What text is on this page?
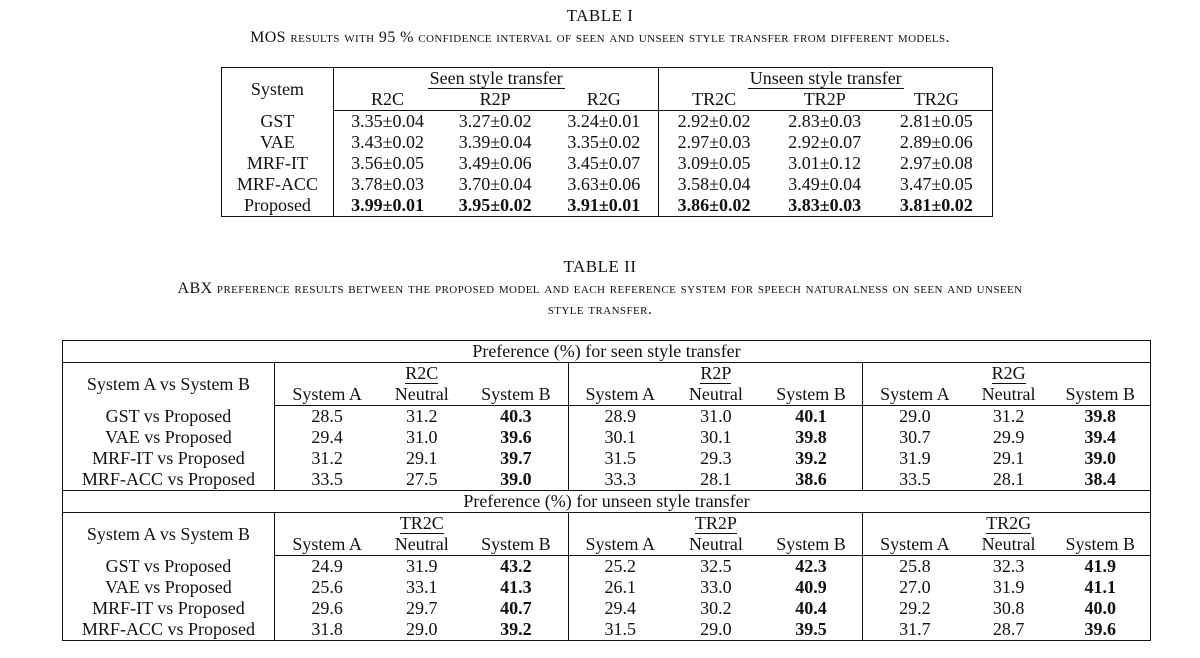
TABLE I
MOS results with 95 % confidence interval of seen and unseen style transfer from different models.
System	Seen style transfer			Unseen style transfer		
	R2C	R2P	R2G	TR2C	TR2P	TR2G
GST	3.35±0.04	3.27±0.02	3.24±0.01	2.92±0.02	2.83±0.03	2.81±0.05
VAE	3.43±0.02	3.39±0.04	3.35±0.02	2.97±0.03	2.92±0.07	2.89±0.06
MRF-IT	3.56±0.05	3.49±0.06	3.45±0.07	3.09±0.05	3.01±0.12	2.97±0.08
MRF-ACC	3.78±0.03	3.70±0.04	3.63±0.06	3.58±0.04	3.49±0.04	3.47±0.05
Proposed	3.99±0.01	3.95±0.02	3.91±0.01	3.86±0.02	3.83±0.03	3.81±0.02
TABLE II
ABX preference results between the proposed model and each reference system for speech naturalness on seen and unseen
style transfer.
Preference (%) for seen style transfer									
System A vs System B		R2C			R2P			R2G	
	System A	Neutral	System B	System A	Neutral	System B	System A	Neutral	System B
GST vs Proposed	28.5	31.2	40.3	28.9	31.0	40.1	29.0	31.2	39.8
VAE vs Proposed	29.4	31.0	39.6	30.1	30.1	39.8	30.7	29.9	39.4
MRF-IT vs Proposed	31.2	29.1	39.7	31.5	29.3	39.2	31.9	29.1	39.0
MRF-ACC vs Proposed	33.5	27.5	39.0	33.3	28.1	38.6	33.5	28.1	38.4
Preference (%) for unseen style transfer									
System A vs System B		TR2C			TR2P			TR2G	
	System A	Neutral	System B	System A	Neutral	System B	System A	Neutral	System B
GST vs Proposed	24.9	31.9	43.2	25.2	32.5	42.3	25.8	32.3	41.9
VAE vs Proposed	25.6	33.1	41.3	26.1	33.0	40.9	27.0	31.9	41.1
MRF-IT vs Proposed	29.6	29.7	40.7	29.4	30.2	40.4	29.2	30.8	40.0
MRF-ACC vs Proposed	31.8	29.0	39.2	31.5	29.0	39.5	31.7	28.7	39.6
